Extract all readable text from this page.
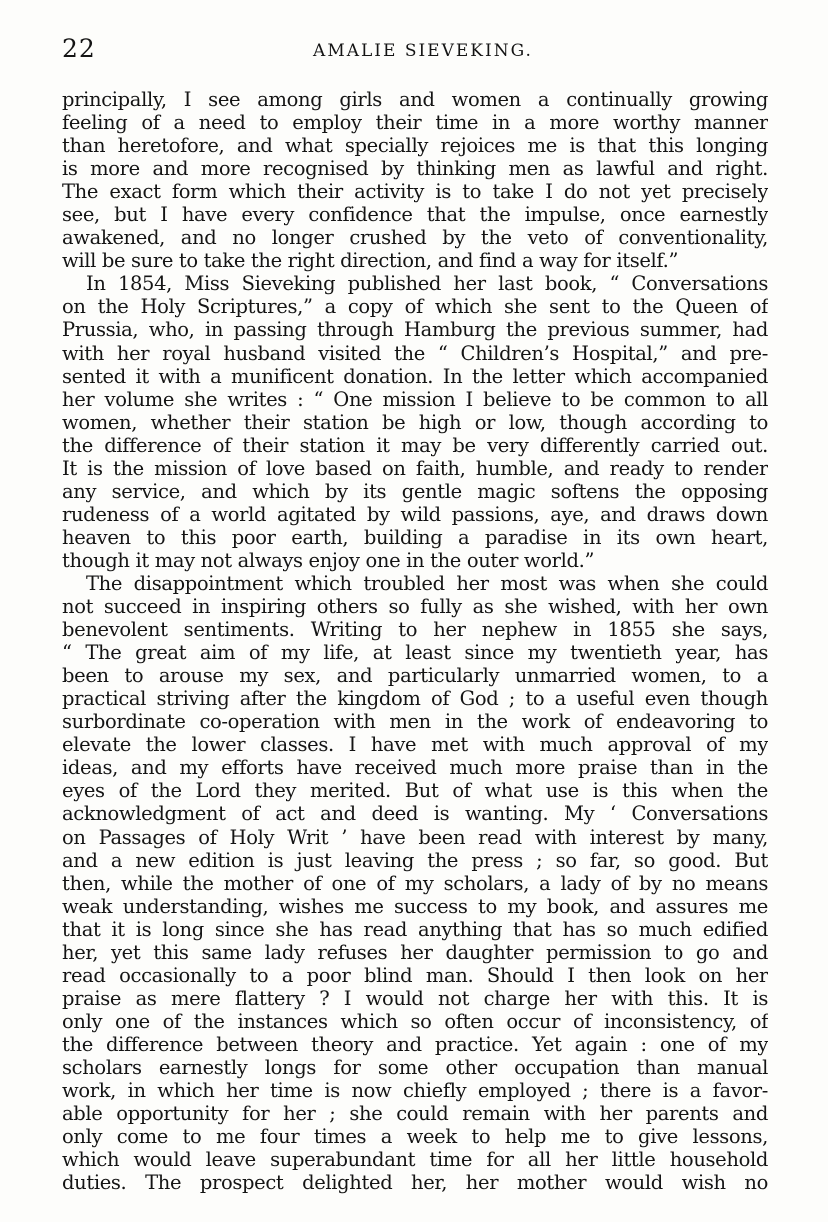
22	AMALIE SIEVEKING.
principally, I see among girls and women a continually growing
feeling of a need to employ their time in a more worthy manner
than heretofore, and what specially rejoices me is that this longing
is more and more recognised by thinking men as lawful and right.
The exact form which their activity is to take I do not yet precisely
see, but I have every confidence that the impulse, once earnestly
awakened, and no longer crushed by the veto of conventionality,
will be sure to take the right direction, and find a way for itself.”
In 1854, Miss Sieveking published her last book, “ Conversations
on the Holy Scriptures,” a copy of which she sent to the Queen of
Prussia, who, in passing through Hamburg the previous summer, had
with her royal husband visited the “ Children’s Hospital,” and pre-
sented it with a munificent donation. In the letter which accompanied
her volume she writes : “ One mission I believe to be common to all
women, whether their station be high or low, though according to
the difference of their station it may be very differently carried out.
It is the mission of love based on faith, humble, and ready to render
any service, and which by its gentle magic softens the opposing
rudeness of a world agitated by wild passions, aye, and draws down
heaven to this poor earth, building a paradise in its own heart,
though it may not always enjoy one in the outer world.”
The disappointment which troubled her most was when she could
not succeed in inspiring others so fully as she wished, with her own
benevolent sentiments. Writing to her nephew in 1855 she says,
“ The great aim of my life, at least since my twentieth year, has
been to arouse my sex, and particularly unmarried women, to a
practical striving after the kingdom of God ; to a useful even though
surbordinate co-operation with men in the work of endeavoring to
elevate the lower classes. I have met with much approval of my
ideas, and my efforts have received much more praise than in the
eyes of the Lord they merited. But of what use is this when the
acknowledgment of act and deed is wanting. My ‘ Conversations
on Passages of Holy Writ ’ have been read with interest by many,
and a new edition is just leaving the press ; so far, so good. But
then, while the mother of one of my scholars, a lady of by no means
weak understanding, wishes me success to my book, and assures me
that it is long since she has read anything that has so much edified
her, yet this same lady refuses her daughter permission to go and
read occasionally to a poor blind man. Should I then look on her
praise as mere flattery ? I would not charge her with this. It is
only one of the instances which so often occur of inconsistency, of
the difference between theory and practice. Yet again : one of my
scholars earnestly longs for some other occupation than manual
work, in which her time is now chiefly employed ; there is a favor-
able opportunity for her ; she could remain with her parents and
only come to me four times a week to help me to give lessons,
which would leave superabundant time for all her little household
duties. The prospect delighted her, her mother would wish no
